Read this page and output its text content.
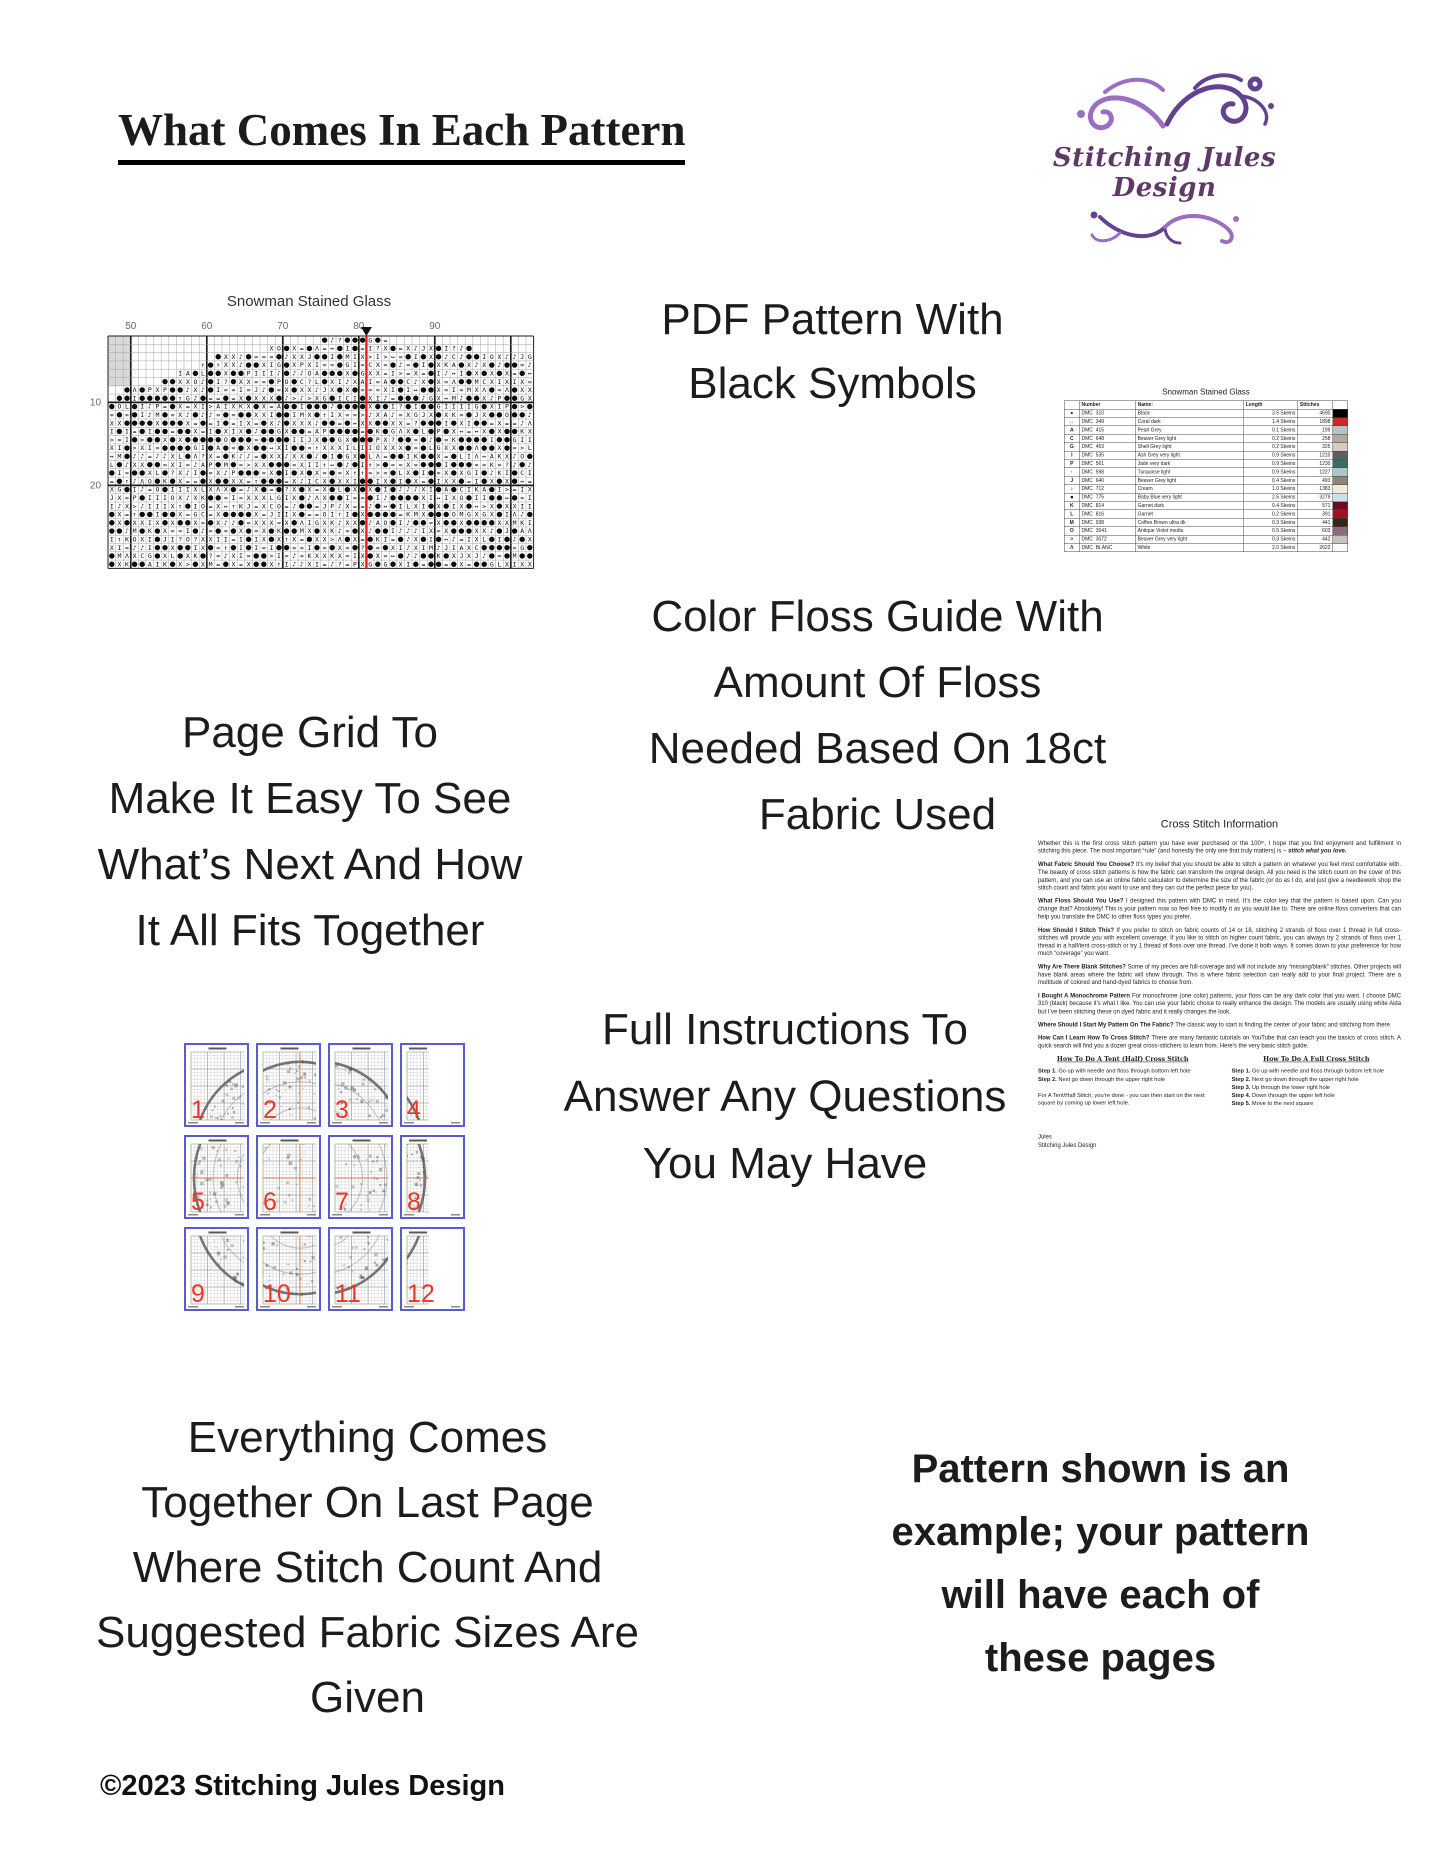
What Comes In Each Pattern
Stitching Jules Design
Snowman Stained Glass	PDF Pattern With
Black Symbols
Color Floss Guide With
Amount Of Floss
Needed Based On 18ct
Fabric Used
Page Grid To
Make It Easy To See
What’s Next And How
It All Fits Together
Full Instructions To
Answer Any Questions
You May Have
Everything Comes
Together On Last Page
Where Stitch Count And
Suggested Fabric Sizes Are
Given
Pattern shown is an
example; your pattern
will have each of
these pages
Snowman Stained Glass
	Number	Name:	Length	Stitches	
●	DMC  310	Black	3.5 Skeins	4690	
↔	DMC  349	Coral dark	1.4 Skeins	1898	
A	DMC  415	Pearl Grey	0.1 Skeins	199	
C	DMC  648	Beaver Grey light	0.2 Skeins	258	
G	DMC  453	Shell Grey light	0.2 Skeins	325	
I	DMC  535	Ash Grey very light	0.9 Skeins	1210	
P	DMC  561	Jade very dark	0.9 Skeins	1230	
↑	DMC  598	Turquoise light	0.9 Skeins	1227	
J	DMC  640	Beaver Grey light	0.4 Skeins	493	
♪	DMC  712	Cream	1.0 Skeins	1383	
■	DMC  775	Baby Blue very light	2.5 Skeins	3279	
K	DMC  814	Garnet dark	0.4 Skeins	571	
L	DMC  816	Garnet	0.2 Skeins	391	
M	DMC  938	Coffee Brown ultra dk	0.3 Skeins	441	
O	DMC  3041	Antique Violet mediu	0.5 Skeins	603	
>	DMC  3072	Beaver Grey very light	0.3 Skeins	442	
Λ	DMC  BLANC	White	2.0 Skeins	2622	
1 2 3 4
5 6 7 8
9 10 11 12
Cross Stitch Information

Whether this is the first cross stitch pattern you have ever purchased or the 100ᵗʰ, I hope that you find enjoyment and fulfillment in stitching this piece. The most important “rule” (and honestly the only one that truly matters) is – stitch what you love.

What Fabric Should You Choose? It’s my belief that you should be able to stitch a pattern on whatever you feel most comfortable with. The beauty of cross stitch patterns is how the fabric can transform the original design. All you need is the stitch count on the cover of this pattern, and you can use an online fabric calculator to determine the size of the fabric (or do as I do, and just give a needlework shop the stitch count and fabric you want to use and they can cut the perfect piece for you).

What Floss Should You Use? I designed this pattern with DMC in mind. It’s the color key that the pattern is based upon. Can you change that? Absolutely! This is your pattern now so feel free to modify it as you would like to. There are online floss converters that can help you translate the DMC to other floss types you prefer.

How Should I Stitch This? If you prefer to stitch on fabric counts of 14 or 18, stitching 2 strands of floss over 1 thread in full cross-stitches will provide you with excellent coverage. If you like to stitch on higher count fabric, you can always try 2 strands of floss over 1 thread in a half/tent cross-stitch or try 1 thread of floss over one thread. I’ve done it both ways. It comes down to your preference for how much “coverage” you want.

Why Are There Blank Stitches? Some of my pieces are full-coverage and will not include any “missing/blank” stitches. Other projects will have blank areas where the fabric will show through. This is where fabric selection can really add to your final project. There are a multitude of colored and hand-dyed fabrics to choose from.

I Bought A Monochrome Pattern For monochrome (one color) patterns, your floss can be any dark color that you want. I choose DMC 310 (black) because it’s what I like. You can use your fabric choice to really enhance the design. The models are usually using white Aida but I’ve been stitching these on dyed fabric and it really changes the look.

Where Should I Start My Pattern On The Fabric? The classic way to start is finding the center of your fabric and stitching from there.

How Can I Learn How To Cross Stitch? There are many fantastic tutorials on YouTube that can teach you the basics of cross stitch. A quick search will find you a dozen great cross-stitchers to learn from. Here’s the very basic stitch guide.

How To Do A Tent (Half) Cross Stitch
Step 1. Go up with needle and floss through bottom left hole
Step 2. Next go down through the upper right hole
For A Tent/Half Stitch, you’re done - you can then start on the next square by coming up lower left hole.
How To Do A Full Cross Stitch
Step 1. Go up with needle and floss through bottom left hole
Step 2. Next go down through the upper right hole
Step 3. Up through the lower right hole
Step 4. Down through the upper left hole
Step 5. Move to the next square
Jules
Stitching Jules Design
©2023 Stitching Jules Design
